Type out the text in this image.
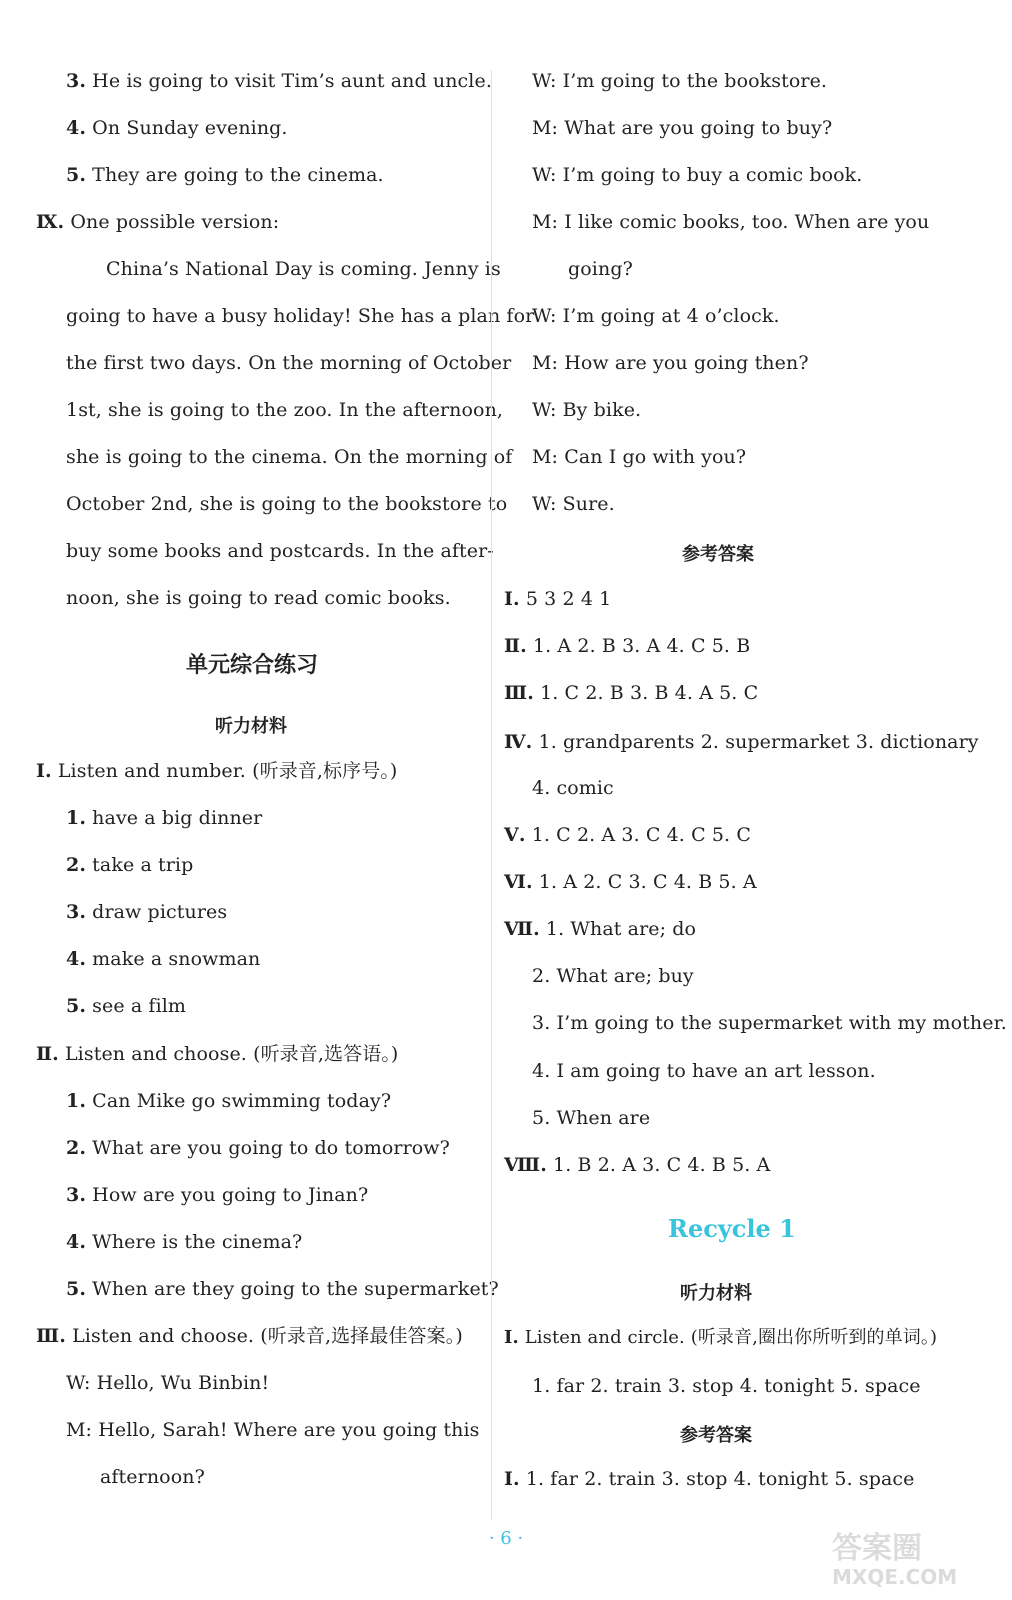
3. He is going to visit Tim’s aunt and uncle.
4. On Sunday evening.
5. They are going to the cinema.
Ⅸ. One possible version:
China’s National Day is coming. Jenny is
going to have a busy holiday! She has a plan for
the first two days. On the morning of October
1st, she is going to the zoo. In the afternoon,
she is going to the cinema. On the morning of
October 2nd, she is going to the bookstore to
buy some books and postcards. In the after-
noon, she is going to read comic books.
单元综合练习
听力材料
Ⅰ. Listen and number. (听录音,标序号。)
1. have a big dinner
2. take a trip
3. draw pictures
4. make a snowman
5. see a film
Ⅱ. Listen and choose. (听录音,选答语。)
1. Can Mike go swimming today?
2. What are you going to do tomorrow?
3. How are you going to Jinan?
4. Where is the cinema?
5. When are they going to the supermarket?
Ⅲ. Listen and choose. (听录音,选择最佳答案。)
W: Hello, Wu Binbin!
M: Hello, Sarah! Where are you going this
afternoon?
W: I’m going to the bookstore.
M: What are you going to buy?
W: I’m going to buy a comic book.
M: I like comic books, too. When are you
going?
W: I’m going at 4 o’clock.
M: How are you going then?
W: By bike.
M: Can I go with you?
W: Sure.
参考答案
Ⅰ. 5 3 2 4 1
Ⅱ. 1. A 2. B 3. A 4. C 5. B
Ⅲ. 1. C 2. B 3. B 4. A 5. C
Ⅳ. 1. grandparents 2. supermarket 3. dictionary
4. comic
Ⅴ. 1. C 2. A 3. C 4. C 5. C
Ⅵ. 1. A 2. C 3. C 4. B 5. A
Ⅶ. 1. What are; do
2. What are; buy
3. I’m going to the supermarket with my mother.
4. I am going to have an art lesson.
5. When are
Ⅷ. 1. B 2. A 3. C 4. B 5. A
Recycle 1
听力材料
Ⅰ. Listen and circle. (听录音,圈出你所听到的单词。)
1. far 2. train 3. stop 4. tonight 5. space
参考答案
Ⅰ. 1. far 2. train 3. stop 4. tonight 5. space
· 6 ·	答案圈
MXQE.COM
